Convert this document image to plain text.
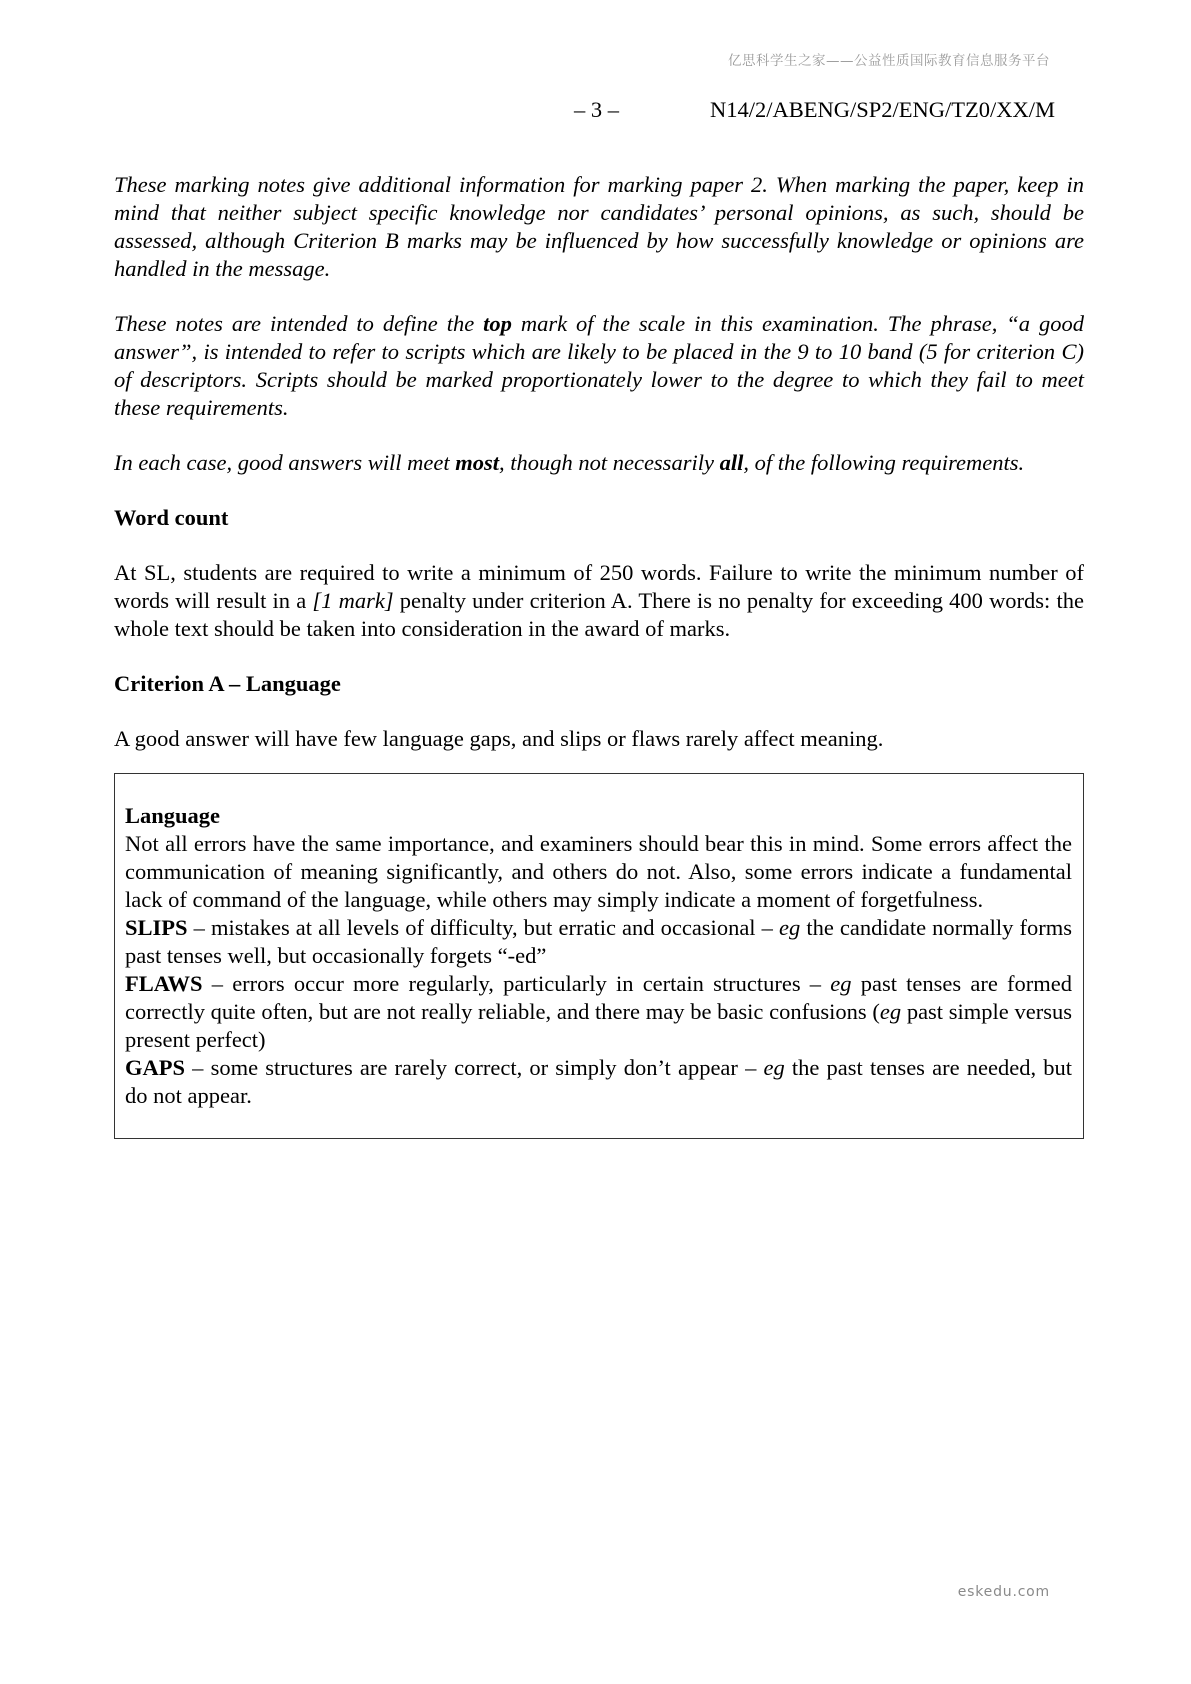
亿思科学生之家——公益性质国际教育信息服务平台
– 3 –	N14/2/ABENG/SP2/ENG/TZ0/XX/M

These marking notes give additional information for marking paper 2. When marking the paper, keep in mind that neither subject specific knowledge nor candidates’ personal opinions, as such, should be assessed, although Criterion B marks may be influenced by how successfully knowledge or opinions are handled in the message.

These notes are intended to define the top mark of the scale in this examination. The phrase, “a good answer”, is intended to refer to scripts which are likely to be placed in the 9 to 10 band (5 for criterion C) of descriptors. Scripts should be marked proportionately lower to the degree to which they fail to meet these requirements.

In each case, good answers will meet most, though not necessarily all, of the following requirements.

Word count

At SL, students are required to write a minimum of 250 words. Failure to write the minimum number of words will result in a [1 mark] penalty under criterion A. There is no penalty for exceeding 400 words: the whole text should be taken into consideration in the award of marks.

Criterion A – Language

A good answer will have few language gaps, and slips or flaws rarely affect meaning.

Language

Not all errors have the same importance, and examiners should bear this in mind. Some errors affect the communication of meaning significantly, and others do not. Also, some errors indicate a fundamental lack of command of the language, while others may simply indicate a moment of forgetfulness.

SLIPS – mistakes at all levels of difficulty, but erratic and occasional – eg the candidate normally forms past tenses well, but occasionally forgets “-ed”

FLAWS – errors occur more regularly, particularly in certain structures – eg past tenses are formed correctly quite often, but are not really reliable, and there may be basic confusions (eg past simple versus present perfect)

GAPS – some structures are rarely correct, or simply don’t appear – eg the past tenses are needed, but do not appear.

eskedu.com
